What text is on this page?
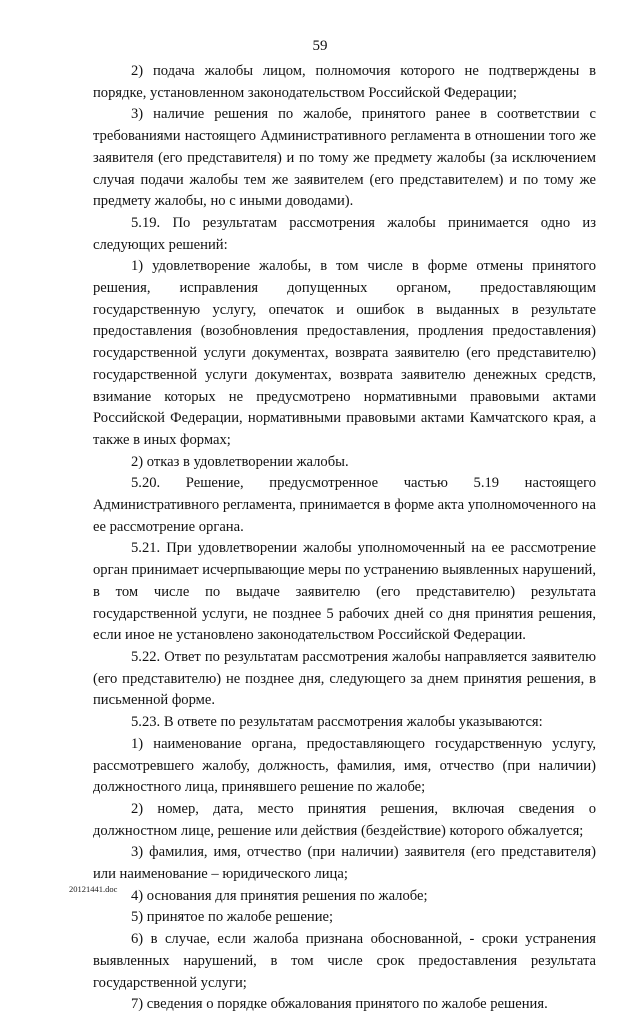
59

2) подача жалобы лицом, полномочия которого не подтверждены в порядке, установленном законодательством Российской Федерации;

3) наличие решения по жалобе, принятого ранее в соответствии с требованиями настоящего Административного регламента в отношении того же заявителя (его представителя) и по тому же предмету жалобы (за исключением случая подачи жалобы тем же заявителем (его представителем) и по тому же предмету жалобы, но с иными доводами).

5.19. По результатам рассмотрения жалобы принимается одно из следующих решений:

1) удовлетворение жалобы, в том числе в форме отмены принятого решения, исправления допущенных органом, предоставляющим государственную услугу, опечаток и ошибок в выданных в результате предоставления (возобновления предоставления, продления предоставления) государственной услуги документах, возврата заявителю (его представителю) государственной услуги документах, возврата заявителю денежных средств, взимание которых не предусмотрено нормативными правовыми актами Российской Федерации, нормативными правовыми актами Камчатского края, а также в иных формах;

2) отказ в удовлетворении жалобы.

5.20. Решение, предусмотренное частью 5.19 настоящего Административного регламента, принимается в форме акта уполномоченного на ее рассмотрение органа.

5.21. При удовлетворении жалобы уполномоченный на ее рассмотрение орган принимает исчерпывающие меры по устранению выявленных нарушений, в том числе по выдаче заявителю (его представителю) результата государственной услуги, не позднее 5 рабочих дней со дня принятия решения, если иное не установлено законодательством Российской Федерации.

5.22. Ответ по результатам рассмотрения жалобы направляется заявителю (его представителю) не позднее дня, следующего за днем принятия решения, в письменной форме.

5.23. В ответе по результатам рассмотрения жалобы указываются:

1) наименование органа, предоставляющего государственную услугу, рассмотревшего жалобу, должность, фамилия, имя, отчество (при наличии) должностного лица, принявшего решение по жалобе;

2) номер, дата, место принятия решения, включая сведения о должностном лице, решение или действия (бездействие) которого обжалуется;

3) фамилия, имя, отчество (при наличии) заявителя (его представителя) или наименование – юридического лица;

4) основания для принятия решения по жалобе;

5) принятое по жалобе решение;

6) в случае, если жалоба признана обоснованной, - сроки устранения выявленных нарушений, в том числе срок предоставления результата государственной услуги;

7) сведения о порядке обжалования принятого по жалобе решения.

20121441.doc
